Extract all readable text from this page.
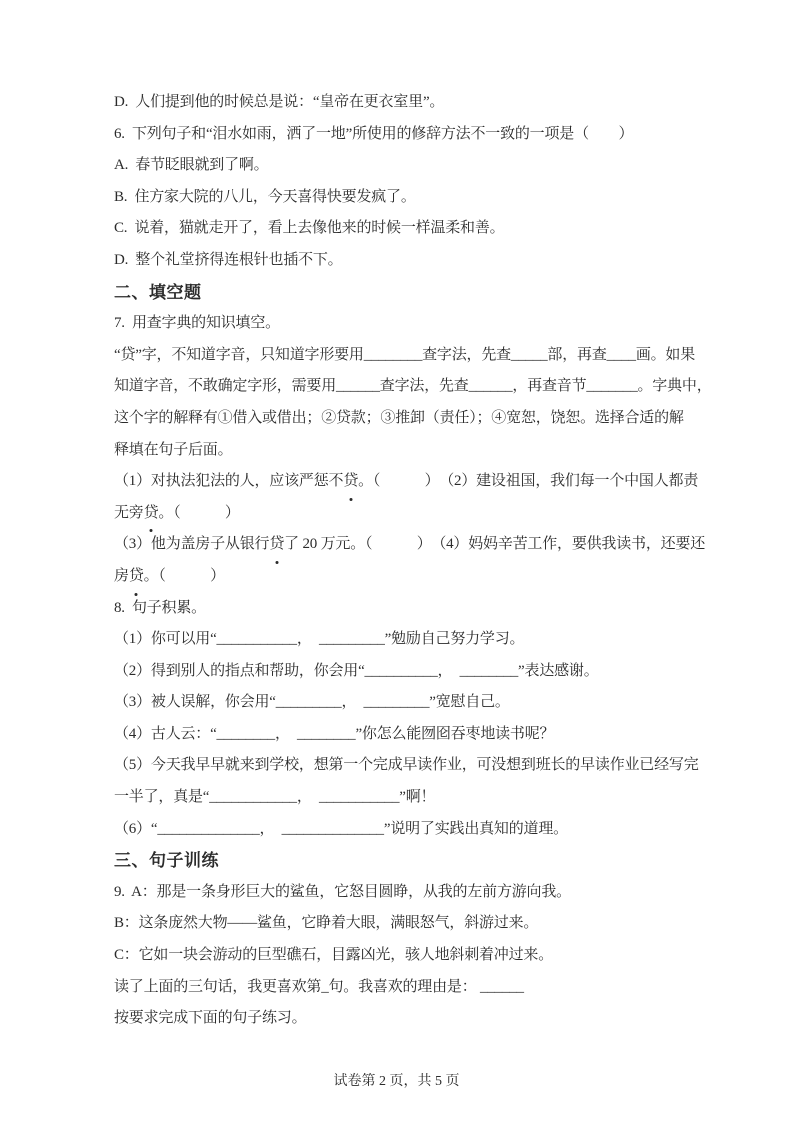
D.  人们提到他的时候总是说：“皇帝在更衣室里”。
6.  下列句子和“泪水如雨，洒了一地”所使用的修辞方法不一致的一项是（　　）
A.  春节眨眼就到了啊。
B.  住方家大院的八儿，今天喜得快要发疯了。
C.  说着，猫就走开了，看上去像他来的时候一样温柔和善。
D.  整个礼堂挤得连根针也插不下。
二、填空题
7.  用查字典的知识填空。
“贷”字，不知道字音，只知道字形要用________查字法，先查_____部，再查____画。如果
知道字音，不敢确定字形，需要用______查字法，先查______，再查音节_______。字典中，
这个字的解释有①借入或借出；②贷款；③推卸（责任）；④宽恕，饶恕。选择合适的解
释填在句子后面。
（1）对执法犯法的人，应该严惩不贷。（　　　）　（2）建设祖国，我们每一个中国人都责
无旁贷。（　　　）
（3）他为盖房子从银行贷了 20 万元。（　　　）　（4）妈妈辛苦工作，要供我读书，还要还
房贷。（　　　）
8.  句子积累。
（1）你可以用“___________，　_________”勉励自己努力学习。
（2）得到别人的指点和帮助，你会用“__________，　________”表达感谢。
（3）被人误解，你会用“_________，　_________”宽慰自己。
（4）古人云：“________，　________”你怎么能囫囵吞枣地读书呢？
（5）今天我早早就来到学校，想第一个完成早读作业，可没想到班长的早读作业已经写完
一半了，真是“____________，　___________”啊！
（6）“______________，　______________”说明了实践出真知的道理。
三、句子训练
9.  A：那是一条身形巨大的鲨鱼，它怒目圆睁，从我的左前方游向我。
B：这条庞然大物——鲨鱼，它睁着大眼，满眼怒气，斜游过来。
C：它如一块会游动的巨型礁石，目露凶光，骇人地斜刺着冲过来。
读了上面的三句话，我更喜欢第_句。我喜欢的理由是： ______
按要求完成下面的句子练习。
试卷第 2 页，共 5 页
